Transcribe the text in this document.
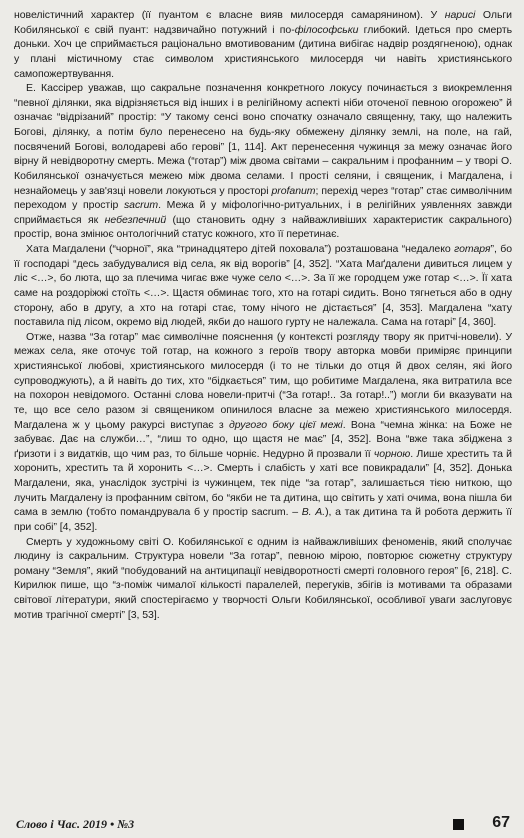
новелістичний характер (її пуантом є власне вияв милосердя самарянином). У нарисі Ольги Кобилянської є свій пуант: надзвичайно потужний і по-філософськи глибокий. Ідеться про смерть доньки. Хоч це сприймається раціонально вмотивованим (дитина вибігає надвір роздягненою), однак у плані містичному стає символом християнського милосердя чи навіть християнського самопожертвування.

Е. Кассірер уважав, що сакральне позначення конкретного локусу починається з виокремлення “певної ділянки, яка відрізняється від інших і в релігійному аспекті ніби оточеної певною огорожею” й означає “відрізаний” простір: “У такому сенсі воно спочатку означало священну, таку, що належить Богові, ділянку, а потім було перенесено на будь-яку обмежену ділянку землі, на поле, на гай, посвячений Богові, володареві або герові” [1, 114]. Акт перенесення чужинця за межу означає його вірну й невідворотну смерть. Межа (“готар”) між двома світами – сакральним і профанним – у творі О. Кобилянської означується межею між двома селами. І прості селяни, і священик, і Магдалена, і незнайомець у зав'язці новели локуються у просторі profanum; перехід через “готар” стає символічним переходом у простір sacrum. Межа й у міфологічно-ритуальних, і в релігійних уявленнях завжди сприймається як небезпечний (що становить одну з найважливіших характеристик сакрального) простір, вона змінює онтологічний статус кожного, хто її перетинає.

Хата Магдалени (“чорної”, яка “тринадцятеро дітей поховала”) розташована “недалеко готаря”, бо її господарі “десь забудувалися від села, як від ворогів” [4, 352]. “Хата Маґдалени дивиться лицем у ліс <…>, бо люта, що за плечима чигає вже чуже село <…>. За її же городцем уже готар <…>. Її хата саме на роздоріжжі стоїть <…>. Щастя обминає того, хто на готарі сидить. Воно тягнеться або в одну сторону, або в другу, а хто на готарі стає, тому нічого не дістається” [4, 353]. Магдалена “хату поставила під лісом, окремо від людей, якби до нашого гурту не належала. Сама на готарі” [4, 360].

Отже, назва “За готар” має символічне пояснення (у контексті розгляду твору як притчі-новели). У межах села, яке оточує той готар, на кожного з героїв твору авторка мовби приміряє принципи християнської любові, християнського милосердя (і то не тільки до отця й двох селян, які його супроводжують), а й навіть до тих, хто “бідкається” тим, що робитиме Магдалена, яка витратила все на похорон невідомого. Останні слова новели-притчі (“За готар!.. За готар!..”) могли би вказувати на те, що все село разом зі священиком опинилося власне за межею християнського милосердя. Магдалена ж у цьому ракурсі виступає з другого боку цієї межі. Вона “чемна жінка: на Боже не забуває. Дає на служби…”, “лиш то одно, що щастя не має” [4, 352]. Вона “вже така збіджена з ґризоти і з видатків, що чим раз, то більше чорніє. Недурно й прозвали її чорною. Лише хрестить та й хоронить, хрестить та й хоронить <…>. Смерть і слабість у хаті все повикрадали” [4, 352]. Донька Магдалени, яка, унаслідок зустрічі із чужинцем, тек піде “за готар”, залишається тією ниткою, що лучить Магдалену із профанним світом, бо “якби не та дитина, що світить у хаті очима, вона пішла би сама в землю (тобто помандрувала б у простір sacrum. – В. А.), а так дитина та й робота держить її при собі” [4, 352].

Смерть у художньому світі О. Кобилянської є одним із найважливіших феноменів, який сполучає людину із сакральним. Структура новели “За готар”, певною мірою, повторює сюжетну структуру роману “Земля”, який “побудований на антиципації невідворотності смерті головного героя” [6, 218]. С. Кирилюк пише, що “з-поміж чималої кількості паралелей, перегуків, збігів із мотивами та образами світової літератури, який спостерігаємо у творчості Ольги Кобилянської, особливої уваги заслуговує мотив трагічної смерті” [3, 53].

Слово і Час. 2019 • №3	67
